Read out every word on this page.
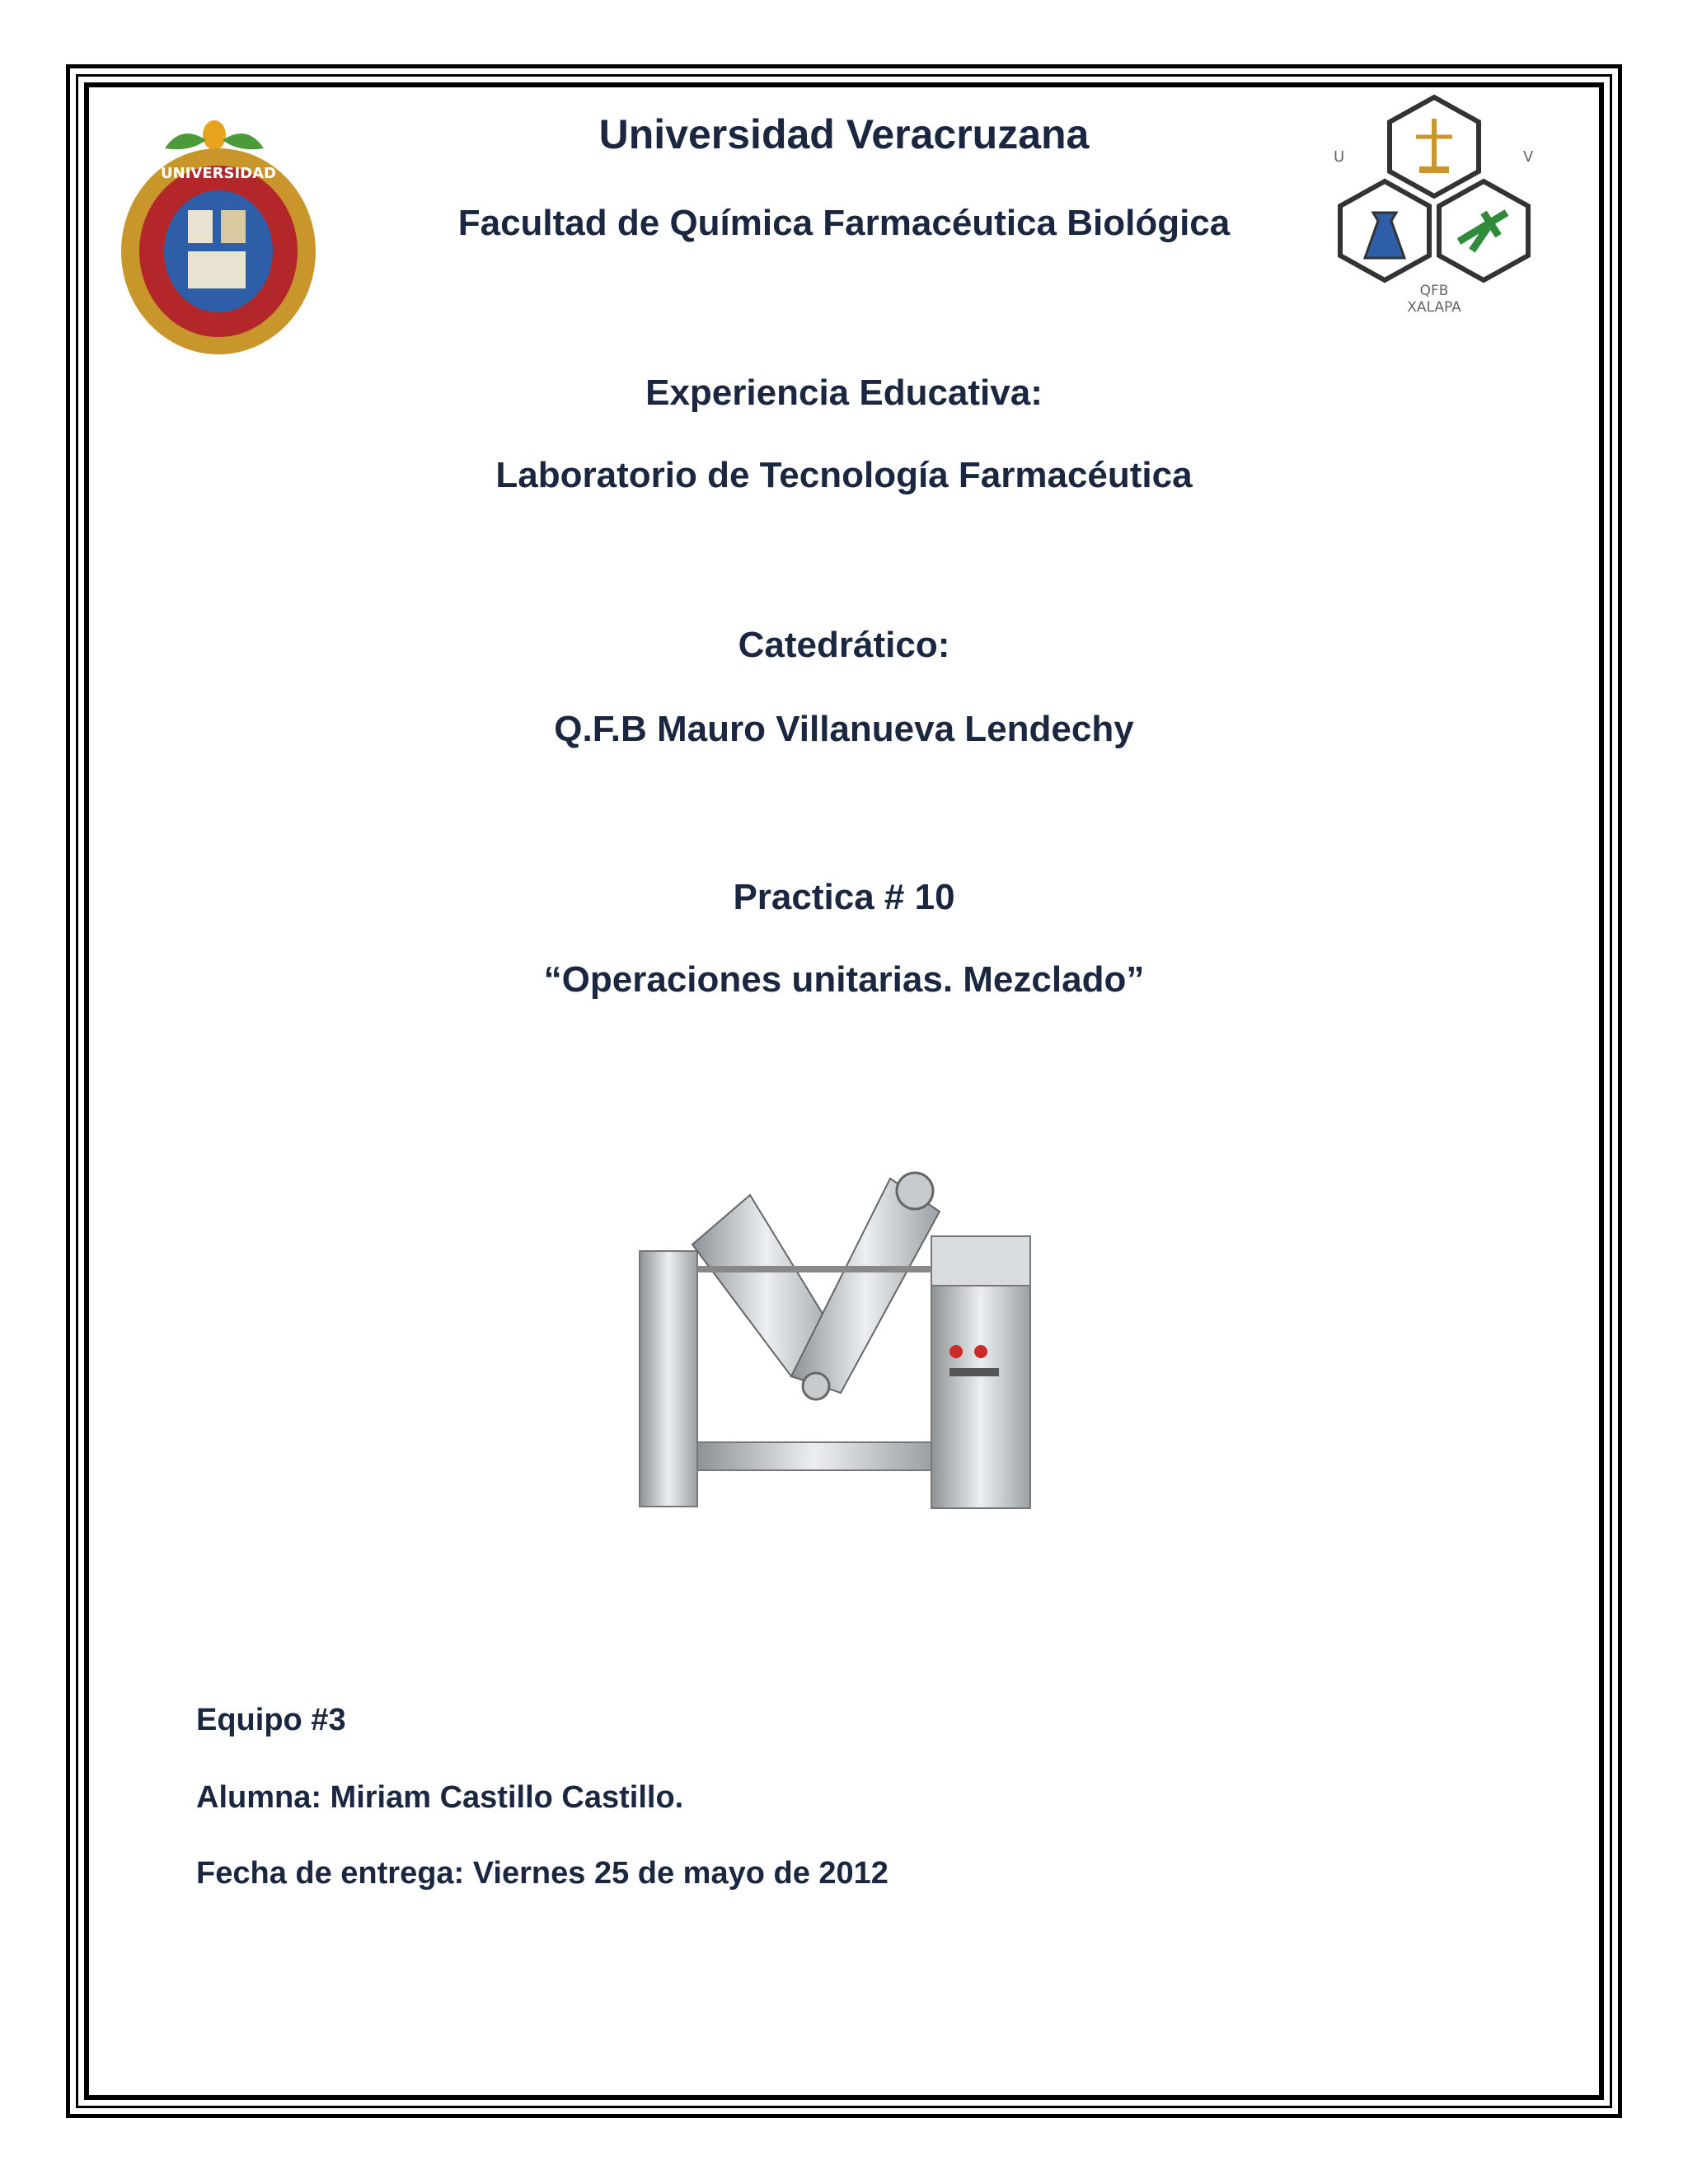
UNIVERSIDAD
U	V
QFB
XALAPA
Universidad Veracruzana
Facultad de Química Farmacéutica Biológica
Experiencia Educativa:
Laboratorio de Tecnología Farmacéutica
Catedrático:
Q.F.B Mauro Villanueva Lendechy
Practica # 10
“Operaciones unitarias. Mezclado”
Equipo #3
Alumna: Miriam Castillo Castillo.
Fecha de entrega: Viernes 25 de mayo de 2012
